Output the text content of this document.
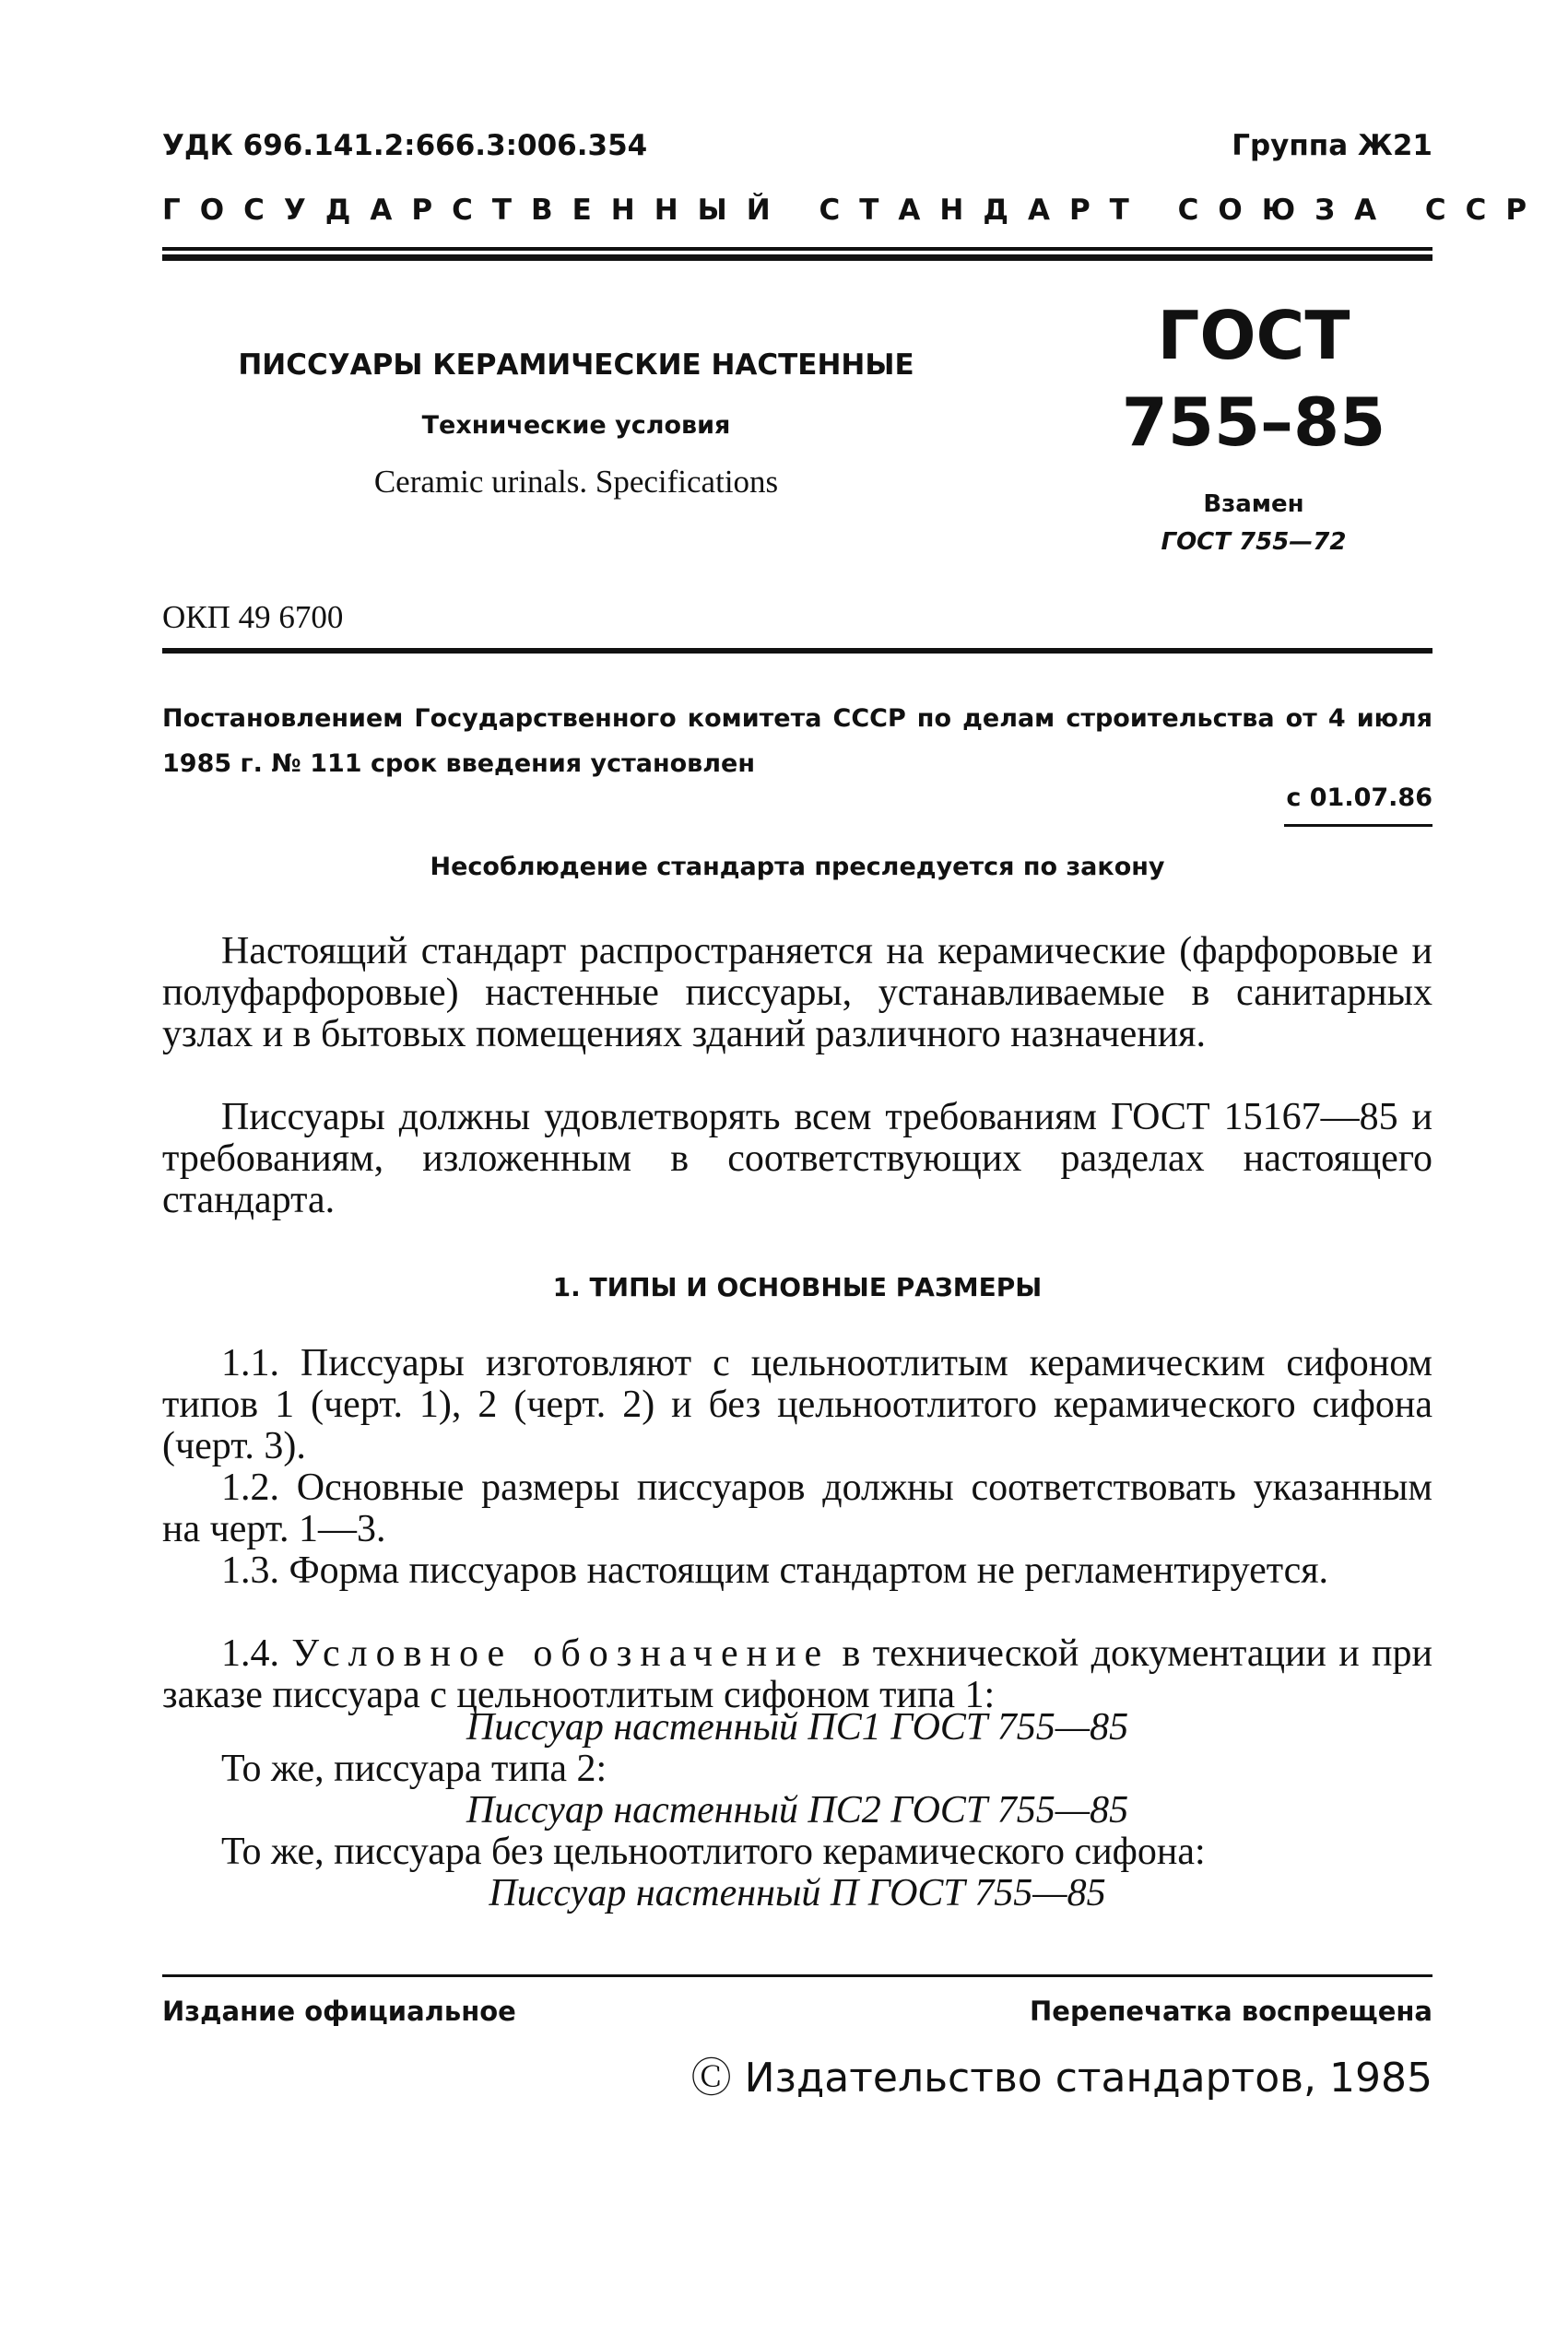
УДК 696.141.2:666.3:006.354	Группа Ж21
ГОСУДАРСТВЕННЫЙ СТАНДАРТ СОЮЗА ССР
ПИССУАРЫ КЕРАМИЧЕСКИЕ НАСТЕННЫЕ
Технические условия
Ceramic urinals. Specifications
ГОСТ
755–85
Взамен
ГОСТ 755—72
ОКП 49 6700
Постановлением Государственного комитета СССР по делам строительства от 4 июля 1985 г. № 111 срок введения установлен
с 01.07.86
Несоблюдение стандарта преследуется по закону
Настоящий стандарт распространяется на керамические (фарфоровые и полуфарфоровые) настенные писсуары, устанавливаемые в санитарных узлах и в бытовых помещениях зданий различного назначения.
Писсуары должны удовлетворять всем требованиям ГОСТ 15167—85 и требованиям, изложенным в соответствующих разделах настоящего стандарта.
1. ТИПЫ И ОСНОВНЫЕ РАЗМЕРЫ
1.1. Писсуары изготовляют с цельноотлитым керамическим сифоном типов 1 (черт. 1), 2 (черт. 2) и без цельноотлитого керамического сифона (черт. 3).
1.2. Основные размеры писсуаров должны соответствовать указанным на черт. 1—3.
1.3. Форма писсуаров настоящим стандартом не регламентируется.
1.4. Условное обозначение в технической документации и при заказе писсуара с цельноотлитым сифоном типа 1:
Писсуар настенный ПС1 ГОСТ 755—85
То же, писсуара типа 2:
Писсуар настенный ПС2 ГОСТ 755—85
То же, писсуара без цельноотлитого керамического сифона:
Писсуар настенный П ГОСТ 755—85
Издание официальное	Перепечатка воспрещена
Ⓒ Издательство стандартов, 1985
